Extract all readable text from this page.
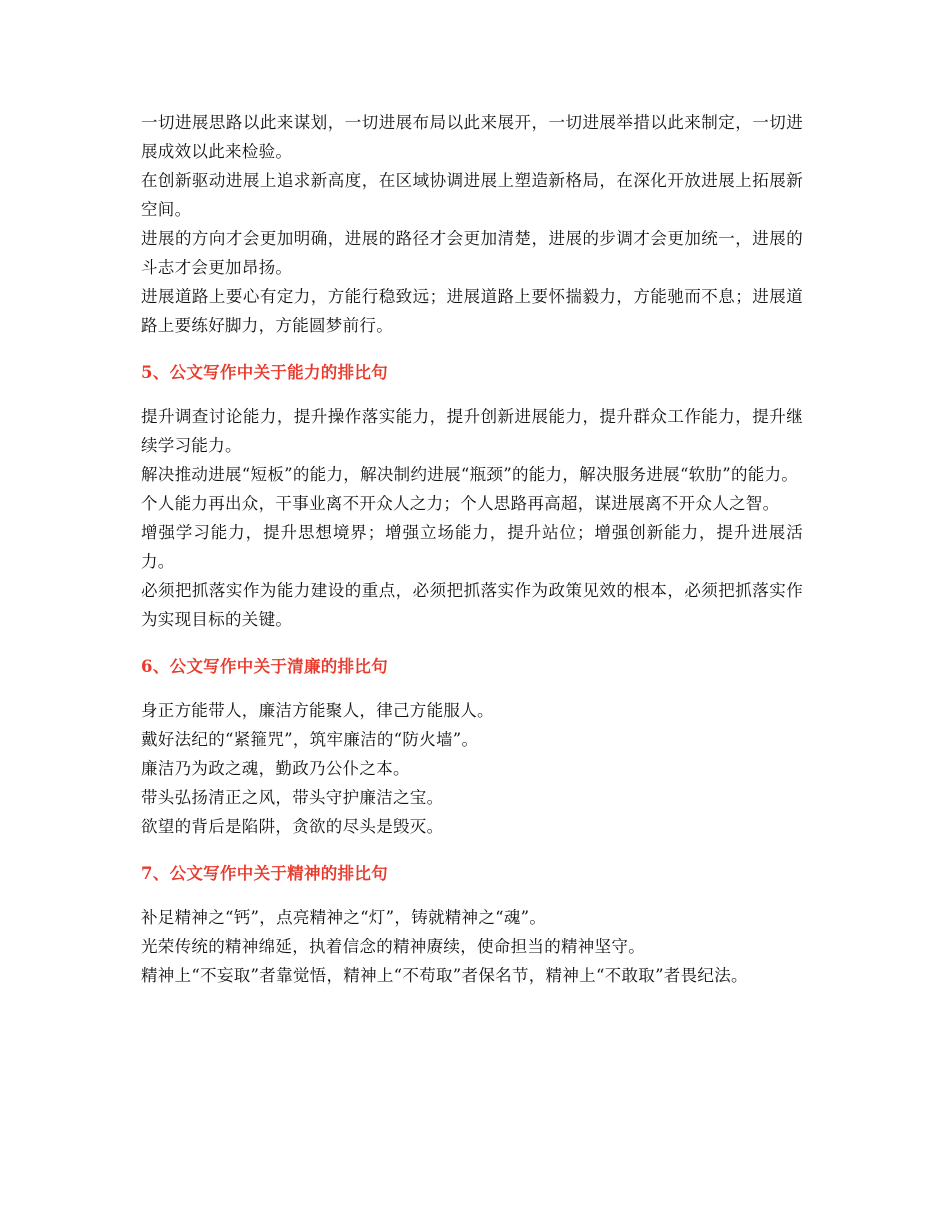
一切进展思路以此来谋划，一切进展布局以此来展开，一切进展举措以此来制定，一切进展成效以此来检验。

在创新驱动进展上追求新高度，在区域协调进展上塑造新格局，在深化开放进展上拓展新空间。

进展的方向才会更加明确，进展的路径才会更加清楚，进展的步调才会更加统一，进展的斗志才会更加昂扬。

进展道路上要心有定力，方能行稳致远；进展道路上要怀揣毅力，方能驰而不息；进展道路上要练好脚力，方能圆梦前行。

5、公文写作中关于能力的排比句

提升调查讨论能力，提升操作落实能力，提升创新进展能力，提升群众工作能力，提升继续学习能力。

解决推动进展“短板”的能力，解决制约进展“瓶颈”的能力，解决服务进展“软肋”的能力。

个人能力再出众，干事业离不开众人之力；个人思路再高超，谋进展离不开众人之智。

增强学习能力，提升思想境界；增强立场能力，提升站位；增强创新能力，提升进展活力。

必须把抓落实作为能力建设的重点，必须把抓落实作为政策见效的根本，必须把抓落实作为实现目标的关键。

6、公文写作中关于清廉的排比句

身正方能带人，廉洁方能聚人，律己方能服人。

戴好法纪的“紧箍咒”，筑牢廉洁的“防火墙”。

廉洁乃为政之魂，勤政乃公仆之本。

带头弘扬清正之风，带头守护廉洁之宝。

欲望的背后是陷阱，贪欲的尽头是毁灭。

7、公文写作中关于精神的排比句

补足精神之“钙”，点亮精神之“灯”，铸就精神之“魂”。

光荣传统的精神绵延，执着信念的精神赓续，使命担当的精神坚守。

精神上“不妄取”者靠觉悟，精神上“不苟取”者保名节，精神上“不敢取”者畏纪法。
